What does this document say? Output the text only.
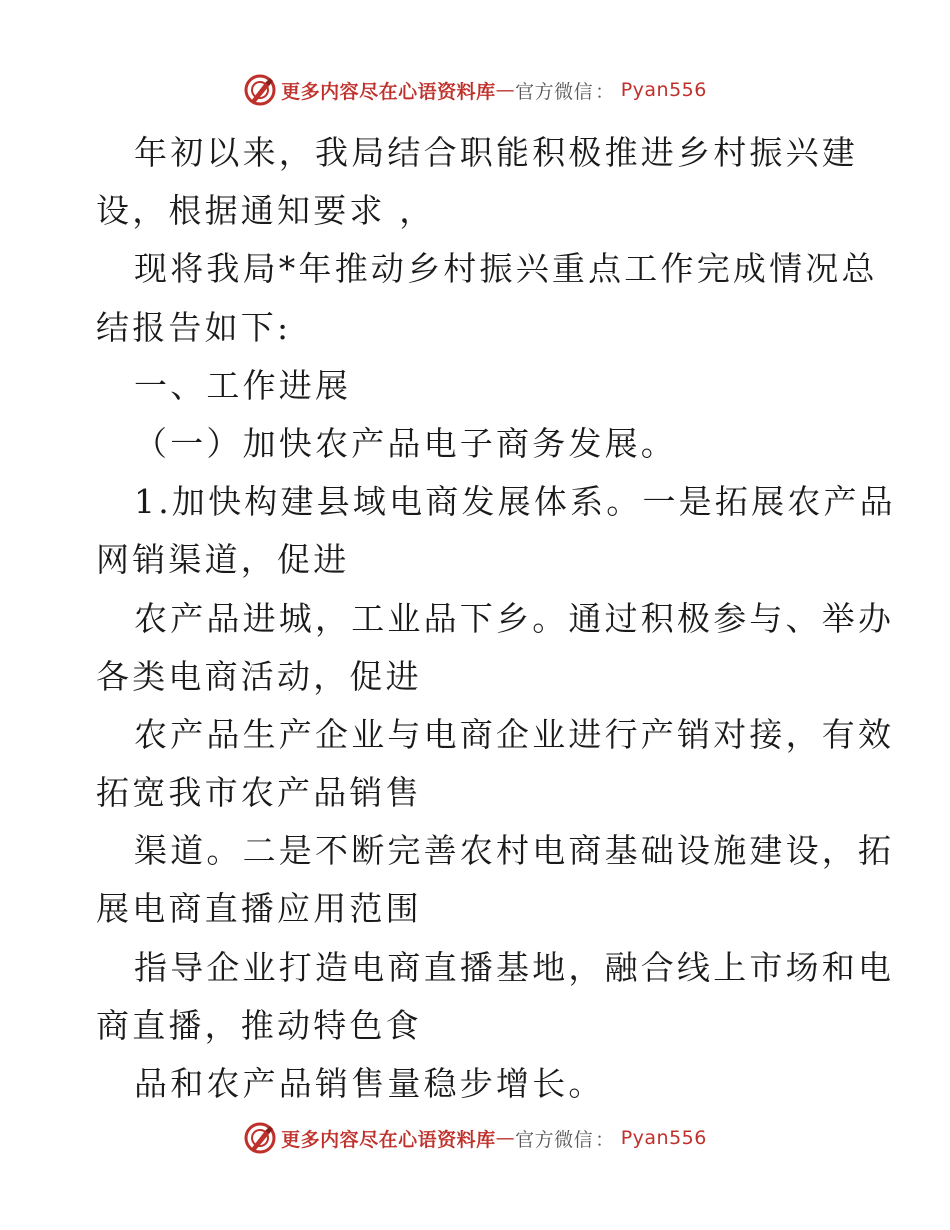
更多内容尽在心语资料库 — 官方微信 ： Pyan556
年初以来，我局结合职能积极推进乡村振兴建
设，根据通知要求 ，
现将我局*年推动乡村振兴重点工作完成情况总
结报告如下:
一、工作进展
（一）加快农产品电子商务发展。
1.加快构建县域电商发展体系。一是拓展农产品
网销渠道，促进
农产品进城，工业品下乡。通过积极参与、举办
各类电商活动，促进
农产品生产企业与电商企业进行产销对接，有效
拓宽我市农产品销售
渠道。二是不断完善农村电商基础设施建设，拓
展电商直播应用范围
指导企业打造电商直播基地，融合线上市场和电
商直播，推动特色食
品和农产品销售量稳步增长。
更多内容尽在心语资料库 — 官方微信 ： Pyan556
